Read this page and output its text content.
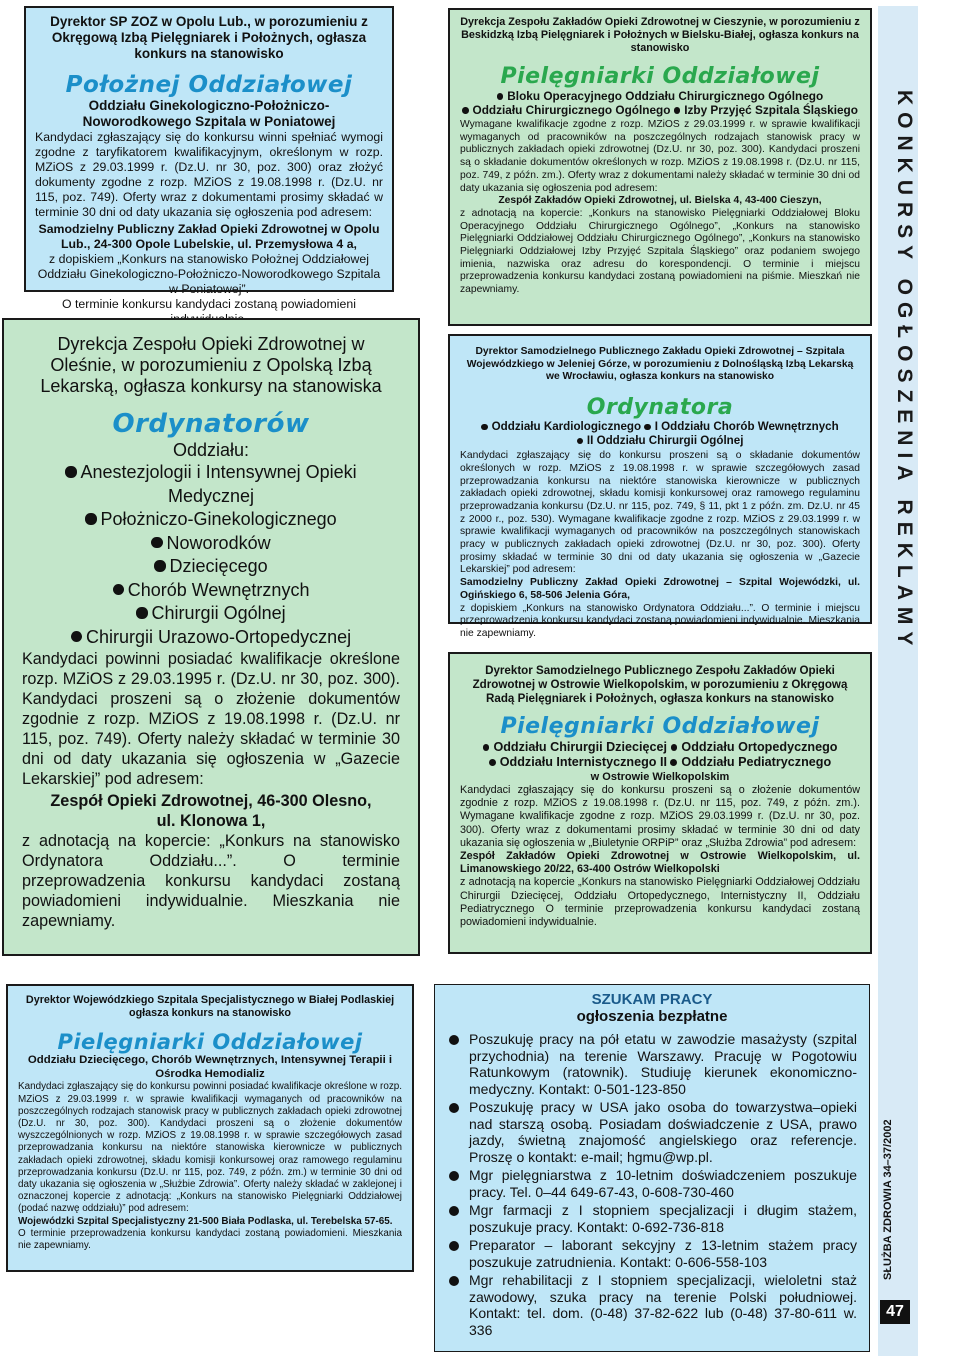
Dyrektor SP ZOZ w Opolu Lub., w porozumieniu z Okręgową Izbą Pielęgniarek i Położnych, ogłasza konkurs na stanowisko

Położnej Oddziałowej

Oddziału Ginekologiczno-Położniczo-Noworodkowego Szpitala w Poniatowej

Kandydaci zgłaszający się do konkursu winni spełniać wymogi zgodne z taryfikatorem kwalifikacyjnym, określonym w rozp. MZiOS z 29.03.1999 r. (Dz.U. nr 30, poz. 300) oraz złożyć dokumenty zgodne z rozp. MZiOS z 19.08.1998 r. (Dz.U. nr 115, poz. 749). Oferty wraz z dokumentami prosimy składać w terminie 30 dni od daty ukazania się ogłoszenia pod adresem:

Samodzielny Publiczny Zakład Opieki Zdrowotnej w Opolu Lub., 24-300 Opole Lubelskie, ul. Przemysłowa 4 a,

z dopiskiem „Konkurs na stanowisko Położnej Oddziałowej Oddziału Ginekologiczno-Położniczo-Noworodkowego Szpitala w Poniatowej”.

O terminie konkursu kandydaci zostaną powiadomieni

Dyrekcja Zespołu Opieki Zdrowotnej w Oleśnie, w porozumieniu z Opolską Izbą Lekarską, ogłasza konkursy na stanowiska

Ordynatorów

Oddziału:

Anestezjologii i Intensywnej Opieki Medycznej

Położniczo-Ginekologicznego

Noworodków

Dziecięcego

Chorób Wewnętrznych

Chirurgii Ogólnej

Chirurgii Urazowo-Ortopedycznej

Kandydaci powinni posiadać kwalifikacje określone rozp. MZiOS z 29.03.1995 r. (Dz.U. nr 30, poz. 300). Kandydaci proszeni są o złożenie dokumentów zgodnie z rozp. MZiOS z 19.08.1998 r. (Dz.U. nr 115, poz. 749). Oferty należy składać w terminie 30 dni od daty ukazania się ogłoszenia w „Gazecie Lekarskiej” pod adresem:

Zespół Opieki Zdrowotnej, 46-300 Olesno,

ul. Klonowa 1,

z adnotacją na kopercie: „Konkurs na stanowisko Ordynatora Oddziału...”. O terminie przeprowadzenia konkursu kandydaci zostaną powiadomieni indywidualnie. Mieszkania nie zapewniamy.

Dyrekcja Zespołu Zakładów Opieki Zdrowotnej w Cieszynie, w porozumieniu z Beskidzką Izbą Pielęgniarek i Położnych w Bielsku-Białej, ogłasza konkurs na stanowisko

Pielęgniarki Oddziałowej

Bloku Operacyjnego Oddziału Chirurgicznego Ogólnego

Oddziału Chirurgicznego Ogólnego Izby Przyjęć Szpitala Śląskiego

Wymagane kwalifikacje zgodne z rozp. MZiOS z 29.03.1999 r. w sprawie kwalifikacji wymaganych od pracowników na poszczególnych rodzajach stanowisk pracy w publicznych zakładach opieki zdrowotnej (Dz.U. nr 30, poz. 300). Kandydaci proszeni są o składanie dokumentów określonych w rozp. MZiOS z 19.08.1998 r. (Dz.U. nr 115, poz. 749, z późn. zm.). Oferty wraz z dokumentami należy składać w terminie 30 dni od daty ukazania się ogłoszenia pod adresem:

Zespół Zakładów Opieki Zdrowotnej, ul. Bielska 4, 43-400 Cieszyn,

z adnotacją na kopercie: „Konkurs na stanowisko Pielęgniarki Oddziałowej Bloku Operacyjnego Oddziału Chirurgicznego Ogólnego”, „Konkurs na stanowisko Pielęgniarki Oddziałowej Oddziału Chirurgicznego Ogólnego”, „Konkurs na stanowisko Pielęgniarki Oddziałowej Izby Przyjęć Szpitala Śląskiego” oraz podaniem swojego imienia, nazwiska oraz adresu do korespondencji. O terminie i miejscu przeprowadzenia konkursu kandydaci zostaną powiadomieni na piśmie. Mieszkań nie zapewniamy.

Dyrektor Samodzielnego Publicznego Zakładu Opieki Zdrowotnej – Szpitala Wojewódzkiego w Jeleniej Górze, w porozumieniu z Dolnośląską Izbą Lekarską we Wrocławiu, ogłasza konkurs na stanowisko

Ordynatora

Oddziału Kardiologicznego I Oddziału Chorób Wewnętrznych

II Oddziału Chirurgii Ogólnej

Kandydaci zgłaszający się do konkursu proszeni są o składanie dokumentów określonych w rozp. MZiOS z 19.08.1998 r. w sprawie szczegółowych zasad przeprowadzania konkursu na niektóre stanowiska kierownicze w publicznych zakładach opieki zdrowotnej, składu komisji konkursowej oraz ramowego regulaminu przeprowadzania konkursu (Dz.U. nr 115, poz. 749, § 11, pkt 1 z późn. zm. Dz.U. nr 45 z 2000 r., poz. 530). Wymagane kwalifikacje zgodne z rozp. MZiOS z 29.03.1999 r. w sprawie kwalifikacji wymaganych od pracowników na poszczególnych stanowiskach pracy w publicznych zakładach opieki zdrowotnej (Dz.U. nr 30, poz. 300). Oferty prosimy składać w terminie 30 dni od daty ukazania się ogłoszenia w „Gazecie Lekarskiej” pod adresem:

Samodzielny Publiczny Zakład Opieki Zdrowotnej – Szpital Wojewódzki, ul. Ogińskiego 6, 58-506 Jelenia Góra,

z dopiskiem „Konkurs na stanowisko Ordynatora Oddziału...”. O terminie i miejscu przeprowadzenia konkursu kandydaci zostaną powiadomieni indywidualnie. Mieszkania nie zapewniamy.

Dyrektor Samodzielnego Publicznego Zespołu Zakładów Opieki Zdrowotnej w Ostrowie Wielkopolskim, w porozumieniu z Okręgową Radą Pielęgniarek i Położnych, ogłasza konkurs na stanowisko

Pielęgniarki Oddziałowej

Oddziału Chirurgii Dziecięcej Oddziału Ortopedycznego

Oddziału Internistycznego II Oddziału Pediatrycznego

w Ostrowie Wielkopolskim

Kandydaci zgłaszający się do konkursu proszeni są o złożenie dokumentów zgodnie z rozp. MZiOS z 19.08.1998 r. (Dz.U. nr 115, poz. 749, z późn. zm.). Wymagane kwalifikacje zgodne z rozp. MZiOS 29.03.1999 r. (Dz.U. nr 30, poz. 300). Oferty wraz z dokumentami prosimy składać w terminie 30 dni od daty ukazania się ogłoszenia w „Biuletynie ORPiP” oraz „Służba Zdrowia” pod adresem:

Zespół Zakładów Opieki Zdrowotnej w Ostrowie Wielkopolskim, ul. Limanowskiego 20/22, 63-400 Ostrów Wielkopolski

z adnotacją na kopercie „Konkurs na stanowisko Pielęgniarki Oddziałowej Oddziału Chirurgii Dziecięcej, Oddziału Ortopedycznego, Internistyczny II, Oddziału Pediatrycznego O terminie przeprowadzenia konkursu kandydaci zostaną powiadomieni indywidualnie.

Dyrektor Wojewódzkiego Szpitala Specjalistycznego w Białej Podlaskiej ogłasza konkurs na stanowisko

Pielęgniarki Oddziałowej

Oddziału Dziecięcego, Chorób Wewnętrznych, Intensywnej Terapii i Ośrodka Hemodializ

Kandydaci zgłaszający się do konkursu powinni posiadać kwalifikacje określone w rozp. MZiOS z 29.03.1999 r. w sprawie kwalifikacji wymaganych od pracowników na poszczególnych rodzajach stanowisk pracy w publicznych zakładach opieki zdrowotnej (Dz.U. nr 30, poz. 300). Kandydaci proszeni są o złożenie dokumentów wyszczególnionych w rozp. MZiOS z 19.08.1998 r. w sprawie szczegółowych zasad przeprowadzania konkursu na niektóre stanowiska kierownicze w publicznych zakładach opieki zdrowotnej, składu komisji konkursowej oraz ramowego regulaminu przeprowadzania konkursu (Dz.U. nr 115, poz. 749, z późn. zm.) w terminie 30 dni od daty ukazania się ogłoszenia w „Służbie Zdrowia”. Oferty należy składać w zaklejonej i oznaczonej kopercie z adnotacją: „Konkurs na stanowisko Pielęgniarki Oddziałowej (podać nazwę oddziału)” pod adresem:

Wojewódzki Szpital Specjalistyczny 21-500 Biała Podlaska, ul. Terebelska 57-65.

O terminie przeprowadzenia konkursu kandydaci zostaną powiadomieni. Mieszkania nie zapewniamy.

SZUKAM PRACY

ogłoszenia bezpłatne

Poszukuję pracy na pół etatu w zawodzie masażysty (szpital przychodnia) na terenie Warszawy. Pracuję w Pogotowiu Ratunkowym (ratownik). Studiuję kierunek ekonomiczno-medyczny. Kontakt: 0-501-123-850
Poszukuję pracy w USA jako osoba do towarzystwa–opieki nad starszą osobą. Posiadam doświadczenie z USA, prawo jazdy, świetną znajomość angielskiego oraz referencje. Proszę o kontakt: e-mail; hgmu@wp.pl.
Mgr pielęgniarstwa z 10-letnim doświadczeniem poszukuje pracy. Tel. 0–44 649-67-43, 0-608-730-460
Mgr farmacji z I stopniem specjalizacji i długim stażem, poszukuje pracy. Kontakt: 0-692-736-818
Preparator – laborant sekcyjny z 13-letnim stażem pracy poszukuje zatrudnienia. Kontakt: 0-606-558-103
Mgr rehabilitacji z I stopniem specjalizacji, wieloletni staż zawodowy, szuka pracy na terenie Polski południowej. Kontakt: tel. dom. (0-48) 37-82-622 lub (0-48) 37-80-611 w. 336
KONKURSY OGŁOSZENIA REKLAMY
SŁUŻBA ZDROWIA 34–37/2002
47
